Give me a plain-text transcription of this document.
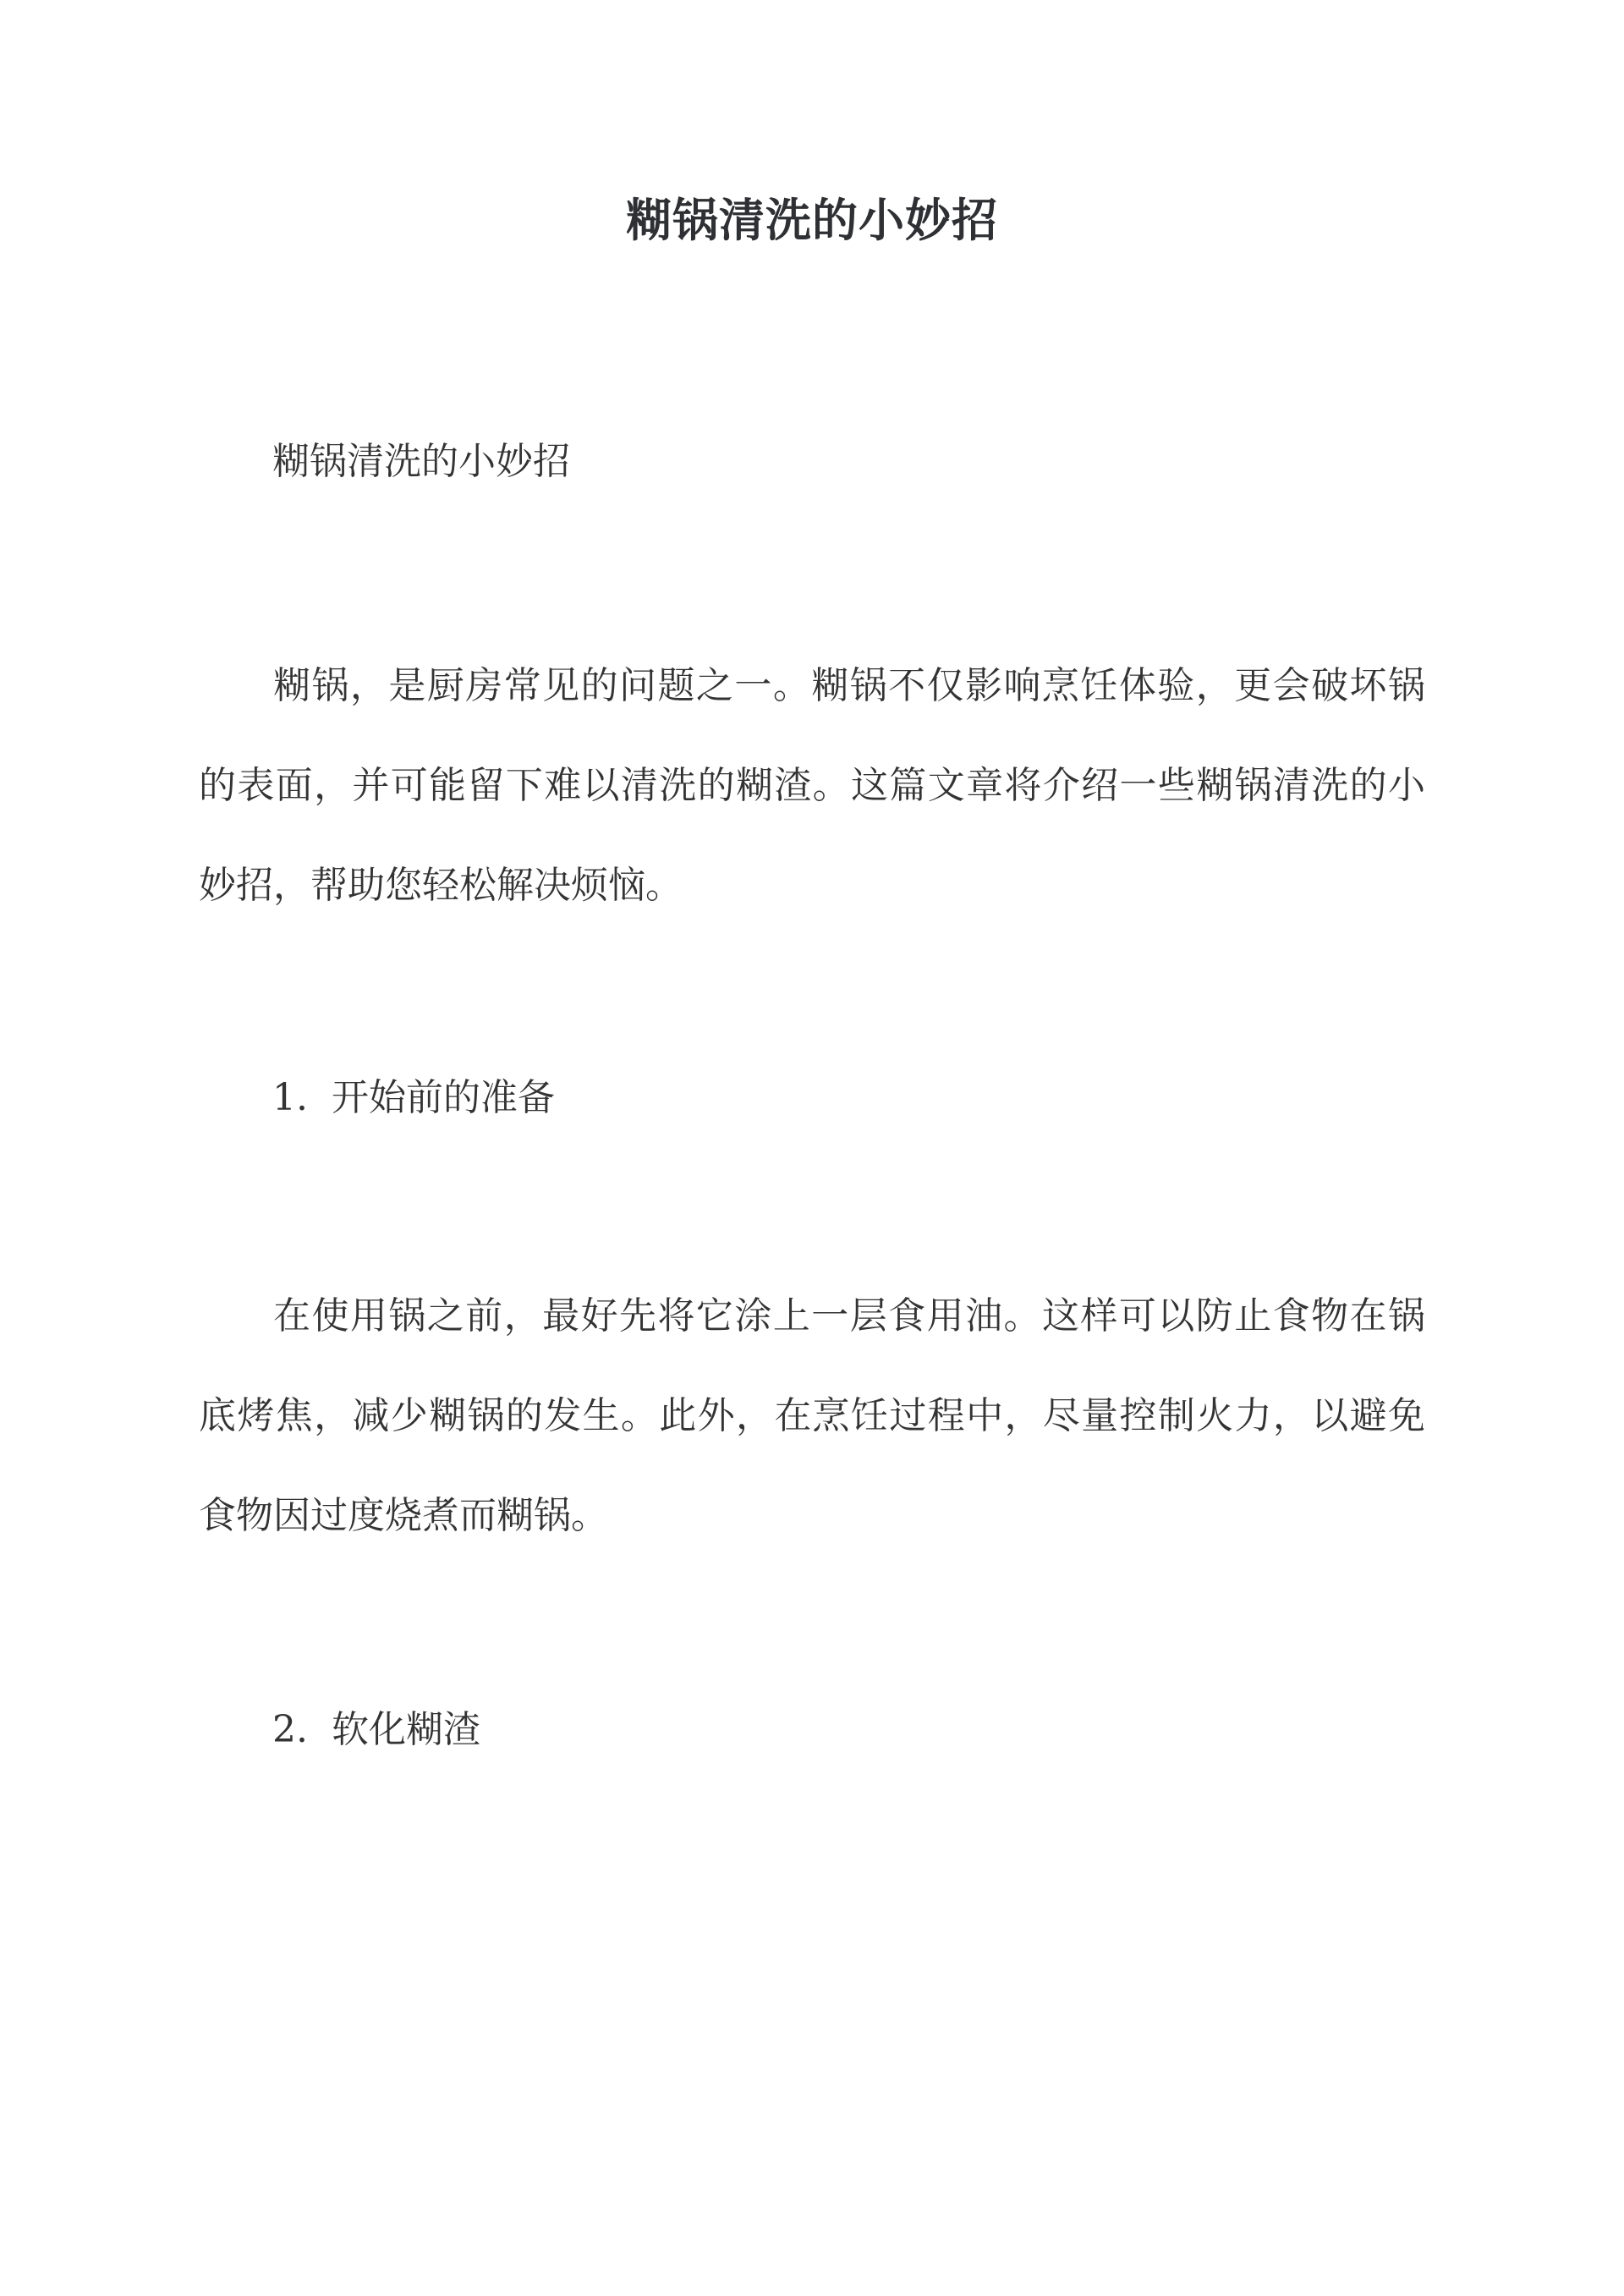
糊锅清洗的小妙招

糊锅清洗的小妙招

糊锅，是厨房常见的问题之一。糊锅不仅影响烹饪体验，更会破坏锅的表面，并可能留下难以清洗的糊渣。这篇文章将介绍一些糊锅清洗的小妙招，帮助您轻松解决烦恼。

1. 开始前的准备

在使用锅之前，最好先将它涂上一层食用油。这样可以防止食物在锅底烤焦，减少糊锅的发生。此外，在烹饪过程中，尽量控制火力，以避免食物因过度烧煮而糊锅。

2. 软化糊渣
